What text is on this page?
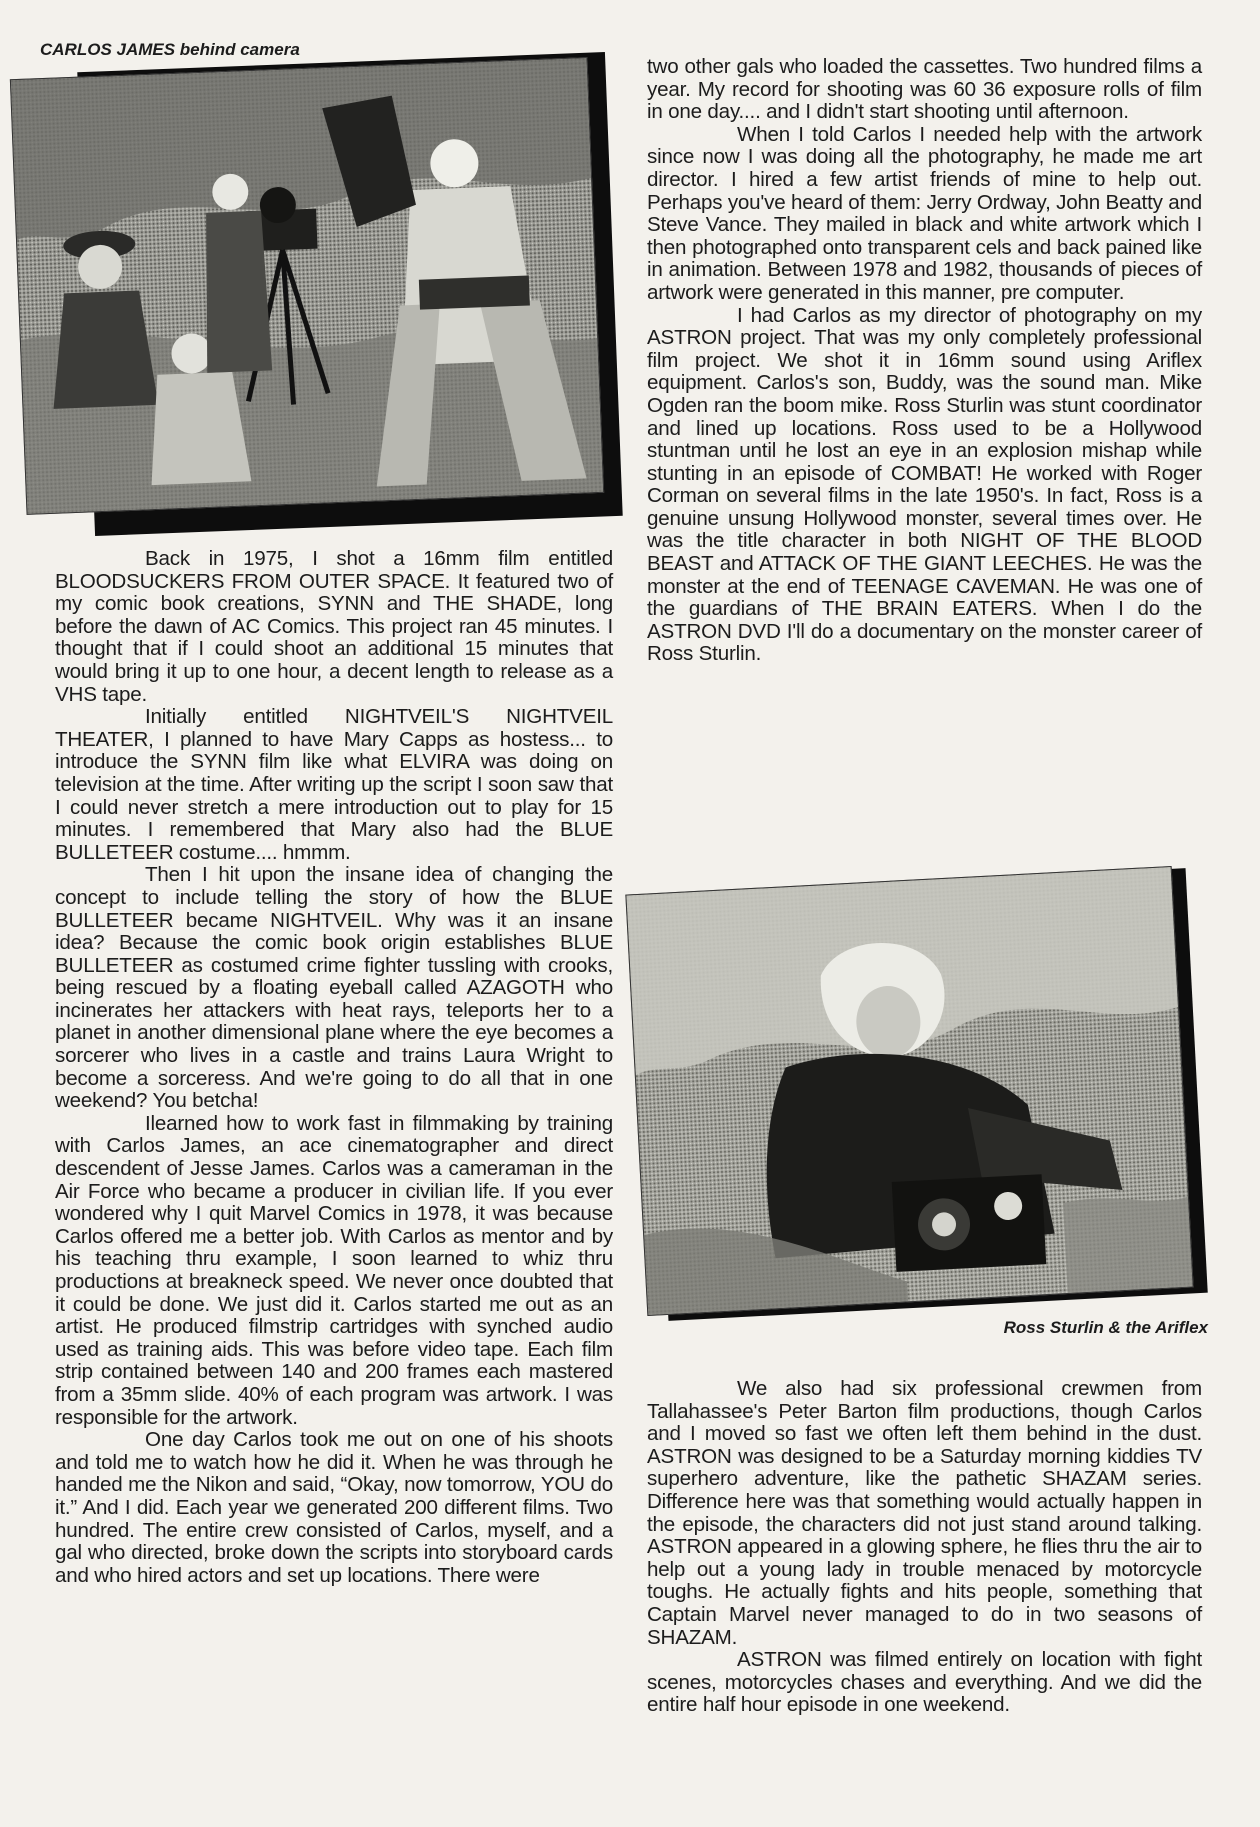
CARLOS JAMES behind camera

Back in 1975, I shot a 16mm film entitled BLOODSUCKERS FROM OUTER SPACE. It featured two of my comic book creations, SYNN and THE SHADE, long before the dawn of AC Comics. This project ran 45 minutes. I thought that if I could shoot an additional 15 minutes that would bring it up to one hour, a decent length to release as a VHS tape.

Initially entitled NIGHTVEIL'S NIGHTVEIL THEATER, I planned to have Mary Capps as hostess... to introduce the SYNN film like what ELVIRA was doing on television at the time. After writing up the script I soon saw that I could never stretch a mere introduction out to play for 15 minutes. I remembered that Mary also had the BLUE BULLETEER costume.... hmmm.

Then I hit upon the insane idea of changing the concept to include telling the story of how the BLUE BULLETEER became NIGHTVEIL. Why was it an insane idea? Because the comic book origin establishes BLUE BULLETEER as costumed crime fighter tussling with crooks, being rescued by a floating eyeball called AZAGOTH who incinerates her attackers with heat rays, teleports her to a planet in another dimensional plane where the eye becomes a sorcerer who lives in a castle and trains Laura Wright to become a sorceress. And we're going to do all that in one weekend? You betcha!

Ilearned how to work fast in filmmaking by training with Carlos James, an ace cinematographer and direct descendent of Jesse James. Carlos was a cameraman in the Air Force who became a producer in civilian life. If you ever wondered why I quit Marvel Comics in 1978, it was because Carlos offered me a better job. With Carlos as mentor and by his teaching thru example, I soon learned to whiz thru productions at breakneck speed. We never once doubted that it could be done. We just did it. Carlos started me out as an artist. He produced filmstrip cartridges with synched audio used as training aids. This was before video tape. Each film strip contained between 140 and 200 frames each mastered from a 35mm slide. 40% of each program was artwork. I was responsible for the artwork.

One day Carlos took me out on one of his shoots and told me to watch how he did it. When he was through he handed me the Nikon and said, “Okay, now tomorrow, YOU do it.” And I did. Each year we generated 200 different films. Two hundred. The entire crew consisted of Carlos, myself, and a gal who directed, broke down the scripts into storyboard cards and who hired actors and set up locations. There were

two other gals who loaded the cassettes. Two hundred films a year. My record for shooting was 60 36 exposure rolls of film in one day.... and I didn't start shooting until afternoon.

When I told Carlos I needed help with the artwork since now I was doing all the photography, he made me art director. I hired a few artist friends of mine to help out. Perhaps you've heard of them: Jerry Ordway, John Beatty and Steve Vance. They mailed in black and white artwork which I then photographed onto transparent cels and back pained like in animation. Between 1978 and 1982, thousands of pieces of artwork were generated in this manner, pre computer.

I had Carlos as my director of photography on my ASTRON project. That was my only completely professional film project. We shot it in 16mm sound using Ariflex equipment. Carlos's son, Buddy, was the sound man. Mike Ogden ran the boom mike. Ross Sturlin was stunt coordinator and lined up locations. Ross used to be a Hollywood stuntman until he lost an eye in an explosion mishap while stunting in an episode of COMBAT! He worked with Roger Corman on several films in the late 1950's. In fact, Ross is a genuine unsung Hollywood monster, several times over. He was the title character in both NIGHT OF THE BLOOD BEAST and ATTACK OF THE GIANT LEECHES. He was the monster at the end of TEENAGE CAVEMAN. He was one of the guardians of THE BRAIN EATERS. When I do the ASTRON DVD I'll do a documentary on the monster career of Ross Sturlin.

Ross Sturlin & the Ariflex

We also had six professional crewmen from Tallahassee's Peter Barton film productions, though Carlos and I moved so fast we often left them behind in the dust. ASTRON was designed to be a Saturday morning kiddies TV superhero adventure, like the pathetic SHAZAM series. Difference here was that something would actually happen in the episode, the characters did not just stand around talking. ASTRON appeared in a glowing sphere, he flies thru the air to help out a young lady in trouble menaced by motorcycle toughs. He actually fights and hits people, something that Captain Marvel never managed to do in two seasons of SHAZAM.

ASTRON was filmed entirely on location with fight scenes, motorcycles chases and everything. And we did the entire half hour episode in one weekend.
